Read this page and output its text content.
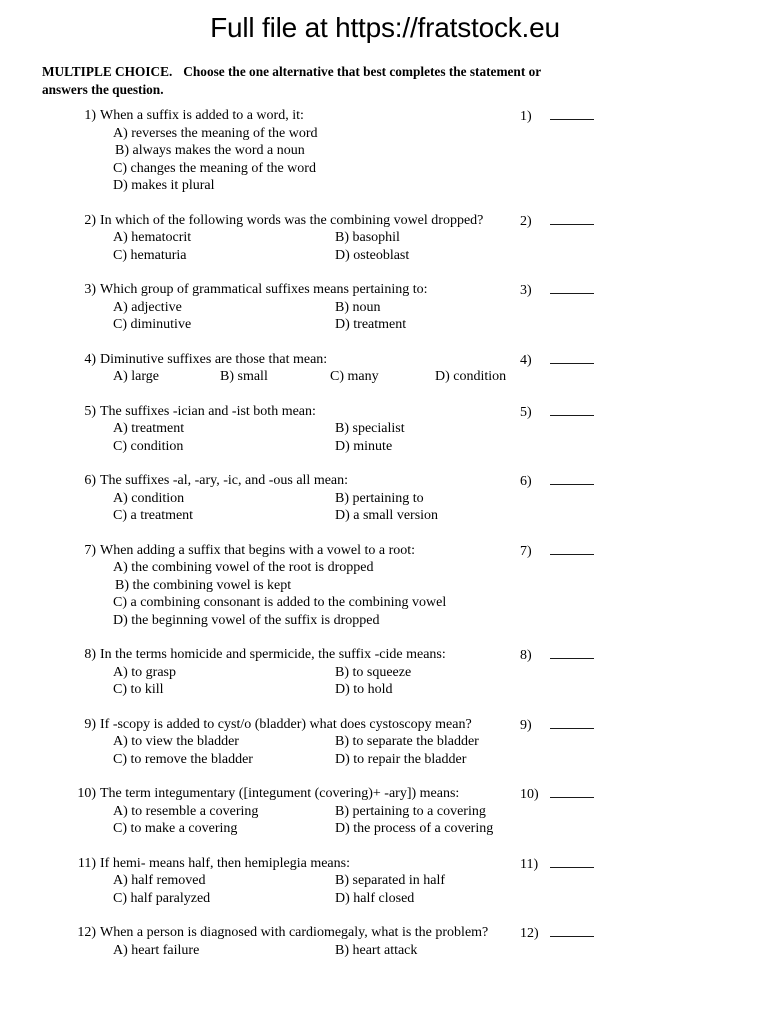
Full file at https://fratstock.eu

MULTIPLE CHOICE. Choose the one alternative that best completes the statement or answers the question.

1) When a suffix is added to a word, it:
A) reverses the meaning of the word
B) always makes the word a noun
C) changes the meaning of the word
D) makes it plural
1)
2) In which of the following words was the combining vowel dropped?
A) hematocrit	B) basophil
C) hematuria	D) osteoblast
2)
3) Which group of grammatical suffixes means pertaining to:
A) adjective	B) noun
C) diminutive	D) treatment
3)
4) Diminutive suffixes are those that mean:
A) large	B) small	C) many	D) condition
4)
5) The suffixes -ician and -ist both mean:
A) treatment	B) specialist
C) condition	D) minute
5)
6) The suffixes -al, -ary, -ic, and -ous all mean:
A) condition	B) pertaining to
C) a treatment	D) a small version
6)
7) When adding a suffix that begins with a vowel to a root:
A) the combining vowel of the root is dropped
B) the combining vowel is kept
C) a combining consonant is added to the combining vowel
D) the beginning vowel of the suffix is dropped
7)
8) In the terms homicide and spermicide, the suffix -cide means:
A) to grasp	B) to squeeze
C) to kill	D) to hold
8)
9) If -scopy is added to cyst/o (bladder) what does cystoscopy mean?
A) to view the bladder	B) to separate the bladder
C) to remove the bladder	D) to repair the bladder
9)
10) The term integumentary ([integument (covering)+ -ary]) means:
A) to resemble a covering	B) pertaining to a covering
C) to make a covering	D) the process of a covering
10)
11) If hemi- means half, then hemiplegia means:
A) half removed	B) separated in half
C) half paralyzed	D) half closed
11)
12) When a person is diagnosed with cardiomegaly, what is the problem?
A) heart failure	B) heart attack
12)
